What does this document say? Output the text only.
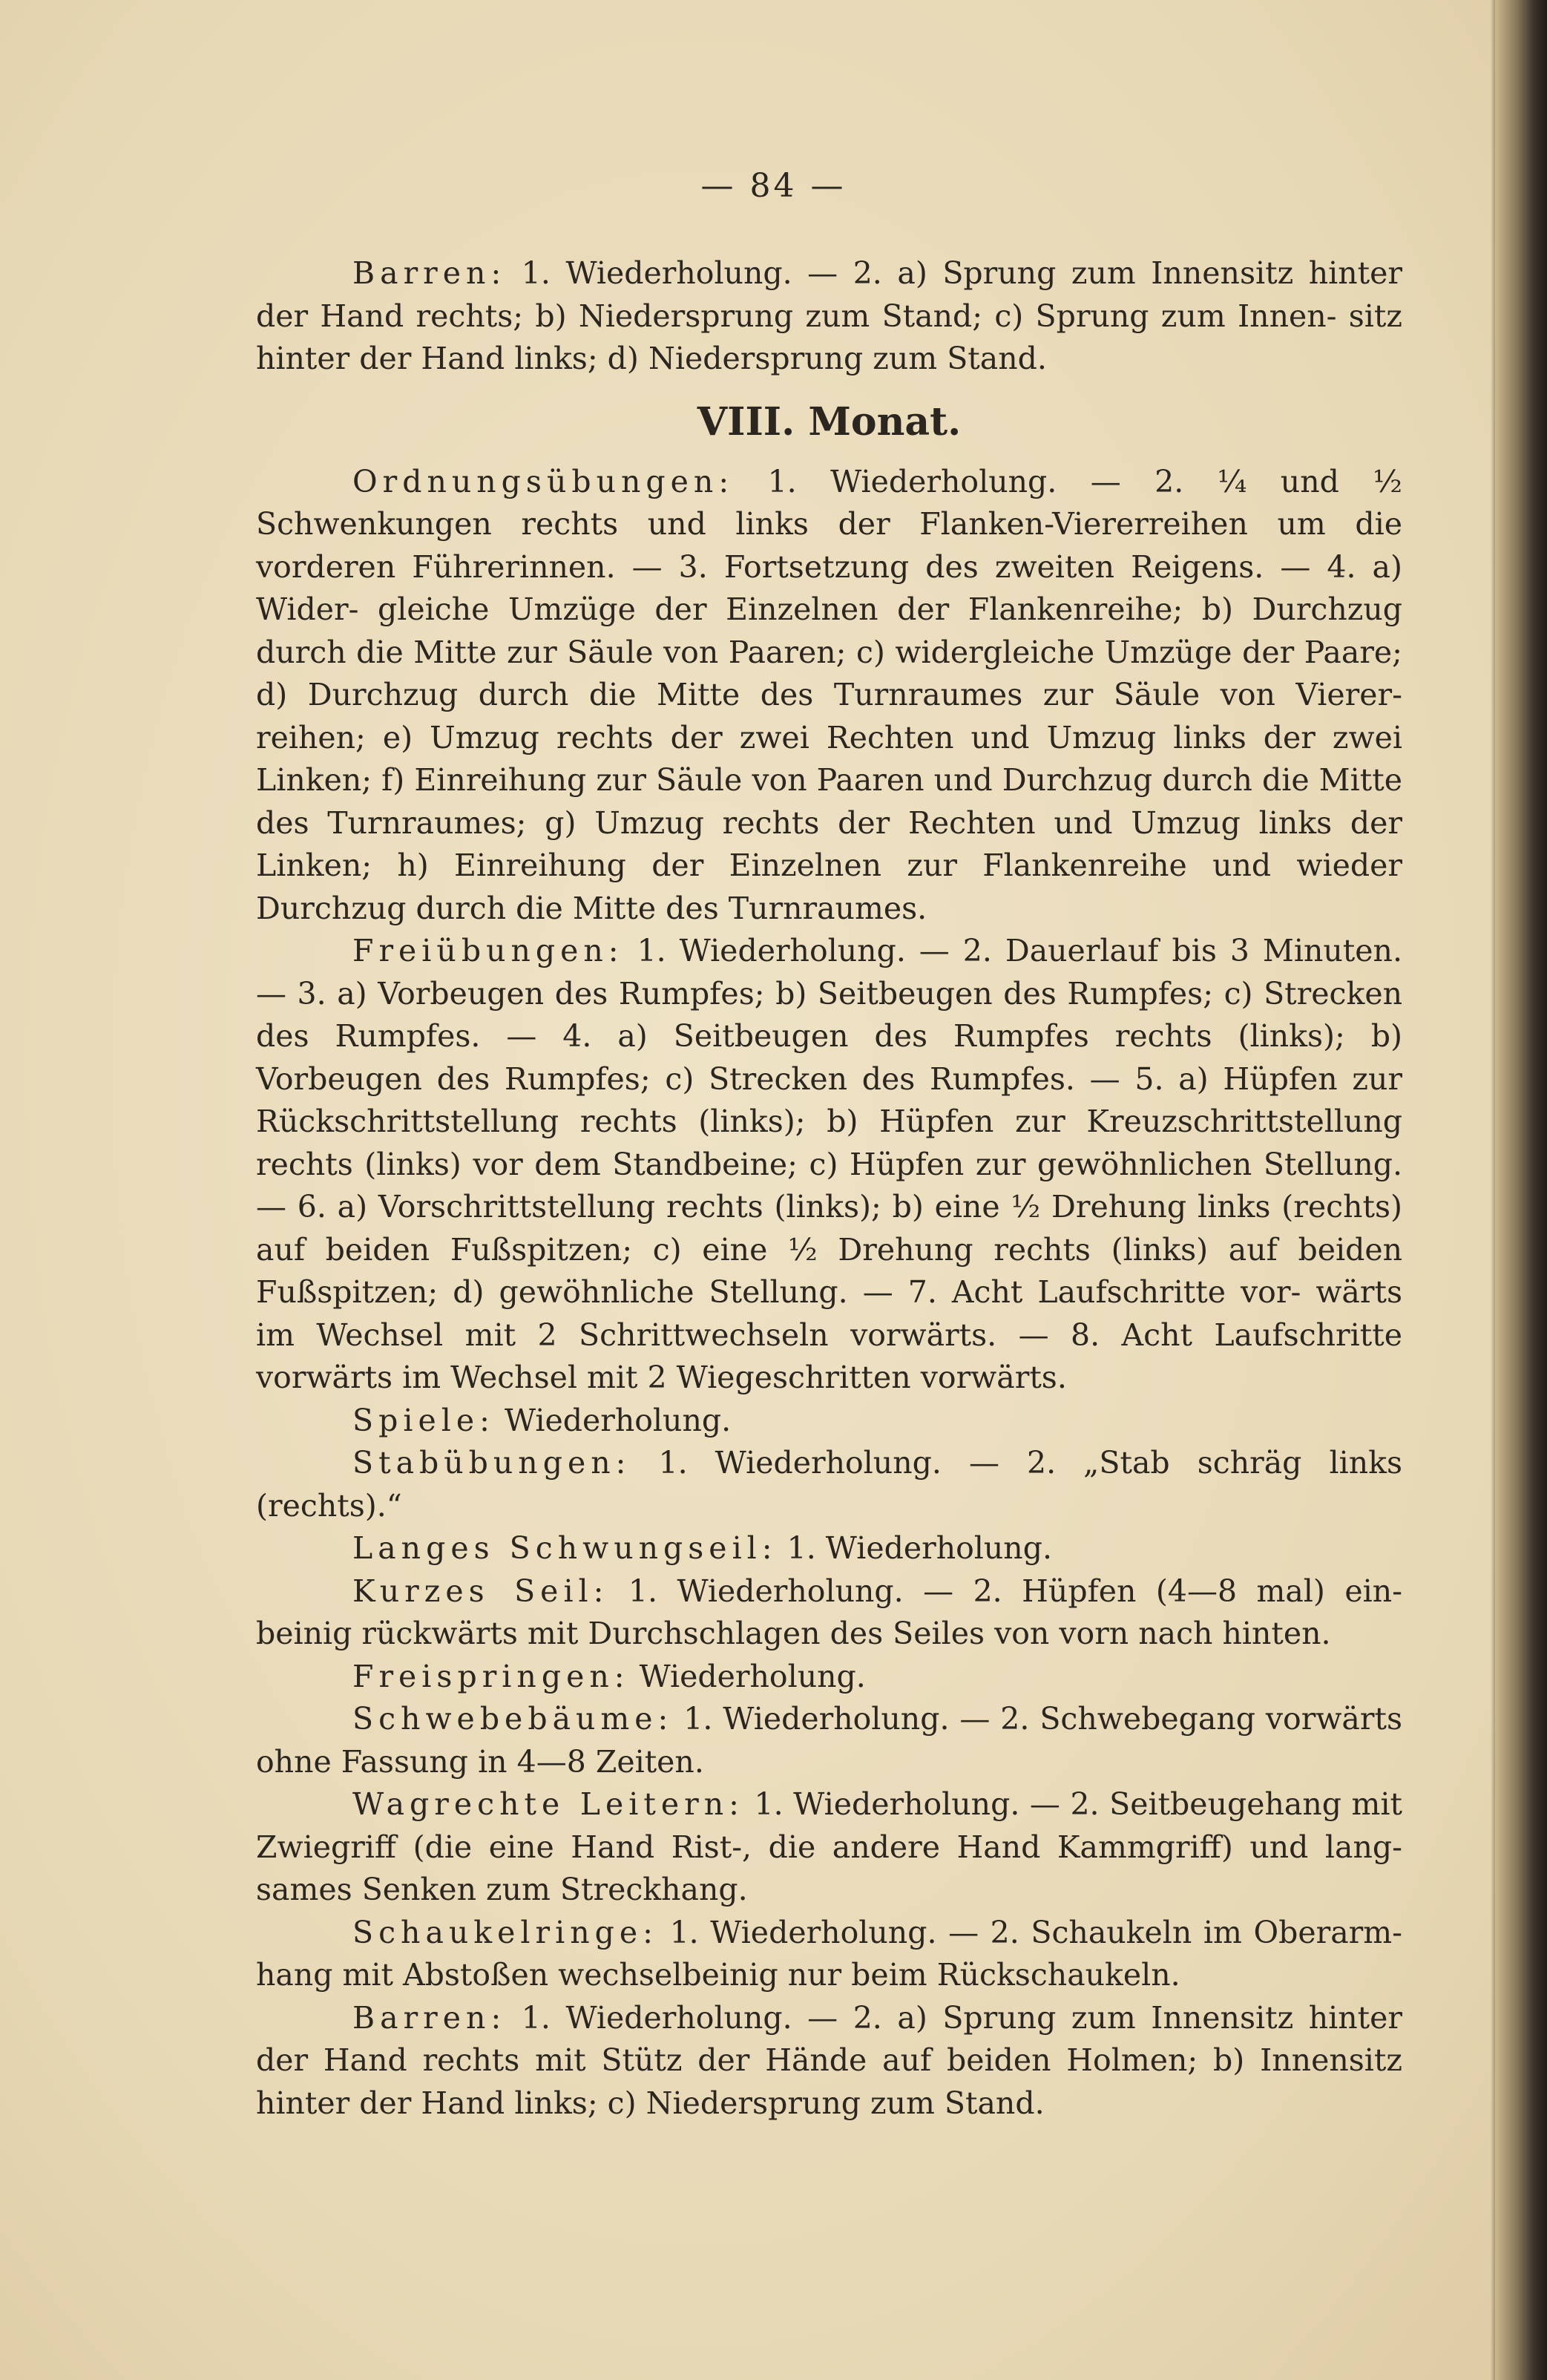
— 84 —

Barren: 1. Wiederholung. — 2. a) Sprung zum Innensitz hinter der Hand rechts; b) Niedersprung zum Stand; c) Sprung zum Innen- sitz hinter der Hand links; d) Niedersprung zum Stand.

VIII. Monat.

Ordnungsübungen: 1. Wiederholung. — 2. ¼ und ½ Schwenkungen rechts und links der Flanken-Viererreihen um die vorderen Führerinnen. — 3. Fortsetzung des zweiten Reigens. — 4. a) Wider- gleiche Umzüge der Einzelnen der Flankenreihe; b) Durchzug durch die Mitte zur Säule von Paaren; c) widergleiche Umzüge der Paare; d) Durchzug durch die Mitte des Turnraumes zur Säule von Vierer- reihen; e) Umzug rechts der zwei Rechten und Umzug links der zwei Linken; f) Einreihung zur Säule von Paaren und Durchzug durch die Mitte des Turnraumes; g) Umzug rechts der Rechten und Umzug links der Linken; h) Einreihung der Einzelnen zur Flankenreihe und wieder Durchzug durch die Mitte des Turnraumes.

Freiübungen: 1. Wiederholung. — 2. Dauerlauf bis 3 Minuten. — 3. a) Vorbeugen des Rumpfes; b) Seitbeugen des Rumpfes; c) Strecken des Rumpfes. — 4. a) Seitbeugen des Rumpfes rechts (links); b) Vorbeugen des Rumpfes; c) Strecken des Rumpfes. — 5. a) Hüpfen zur Rückschrittstellung rechts (links); b) Hüpfen zur Kreuzschrittstellung rechts (links) vor dem Standbeine; c) Hüpfen zur gewöhnlichen Stellung. — 6. a) Vorschrittstellung rechts (links); b) eine ½ Drehung links (rechts) auf beiden Fußspitzen; c) eine ½ Drehung rechts (links) auf beiden Fußspitzen; d) gewöhnliche Stellung. — 7. Acht Laufschritte vor- wärts im Wechsel mit 2 Schrittwechseln vorwärts. — 8. Acht Laufschritte vorwärts im Wechsel mit 2 Wiegeschritten vorwärts.

Spiele: Wiederholung.

Stabübungen: 1. Wiederholung. — 2. „Stab schräg links (rechts).“

Langes Schwungseil: 1. Wiederholung.

Kurzes Seil: 1. Wiederholung. — 2. Hüpfen (4—8 mal) ein- beinig rückwärts mit Durchschlagen des Seiles von vorn nach hinten.

Freispringen: Wiederholung.

Schwebebäume: 1. Wiederholung. — 2. Schwebegang vorwärts ohne Fassung in 4—8 Zeiten.

Wagrechte Leitern: 1. Wiederholung. — 2. Seitbeugehang mit Zwiegriff (die eine Hand Rist-, die andere Hand Kammgriff) und lang- sames Senken zum Streckhang.

Schaukelringe: 1. Wiederholung. — 2. Schaukeln im Oberarm- hang mit Abstoßen wechselbeinig nur beim Rückschaukeln.

Barren: 1. Wiederholung. — 2. a) Sprung zum Innensitz hinter der Hand rechts mit Stütz der Hände auf beiden Holmen; b) Innensitz hinter der Hand links; c) Niedersprung zum Stand.
